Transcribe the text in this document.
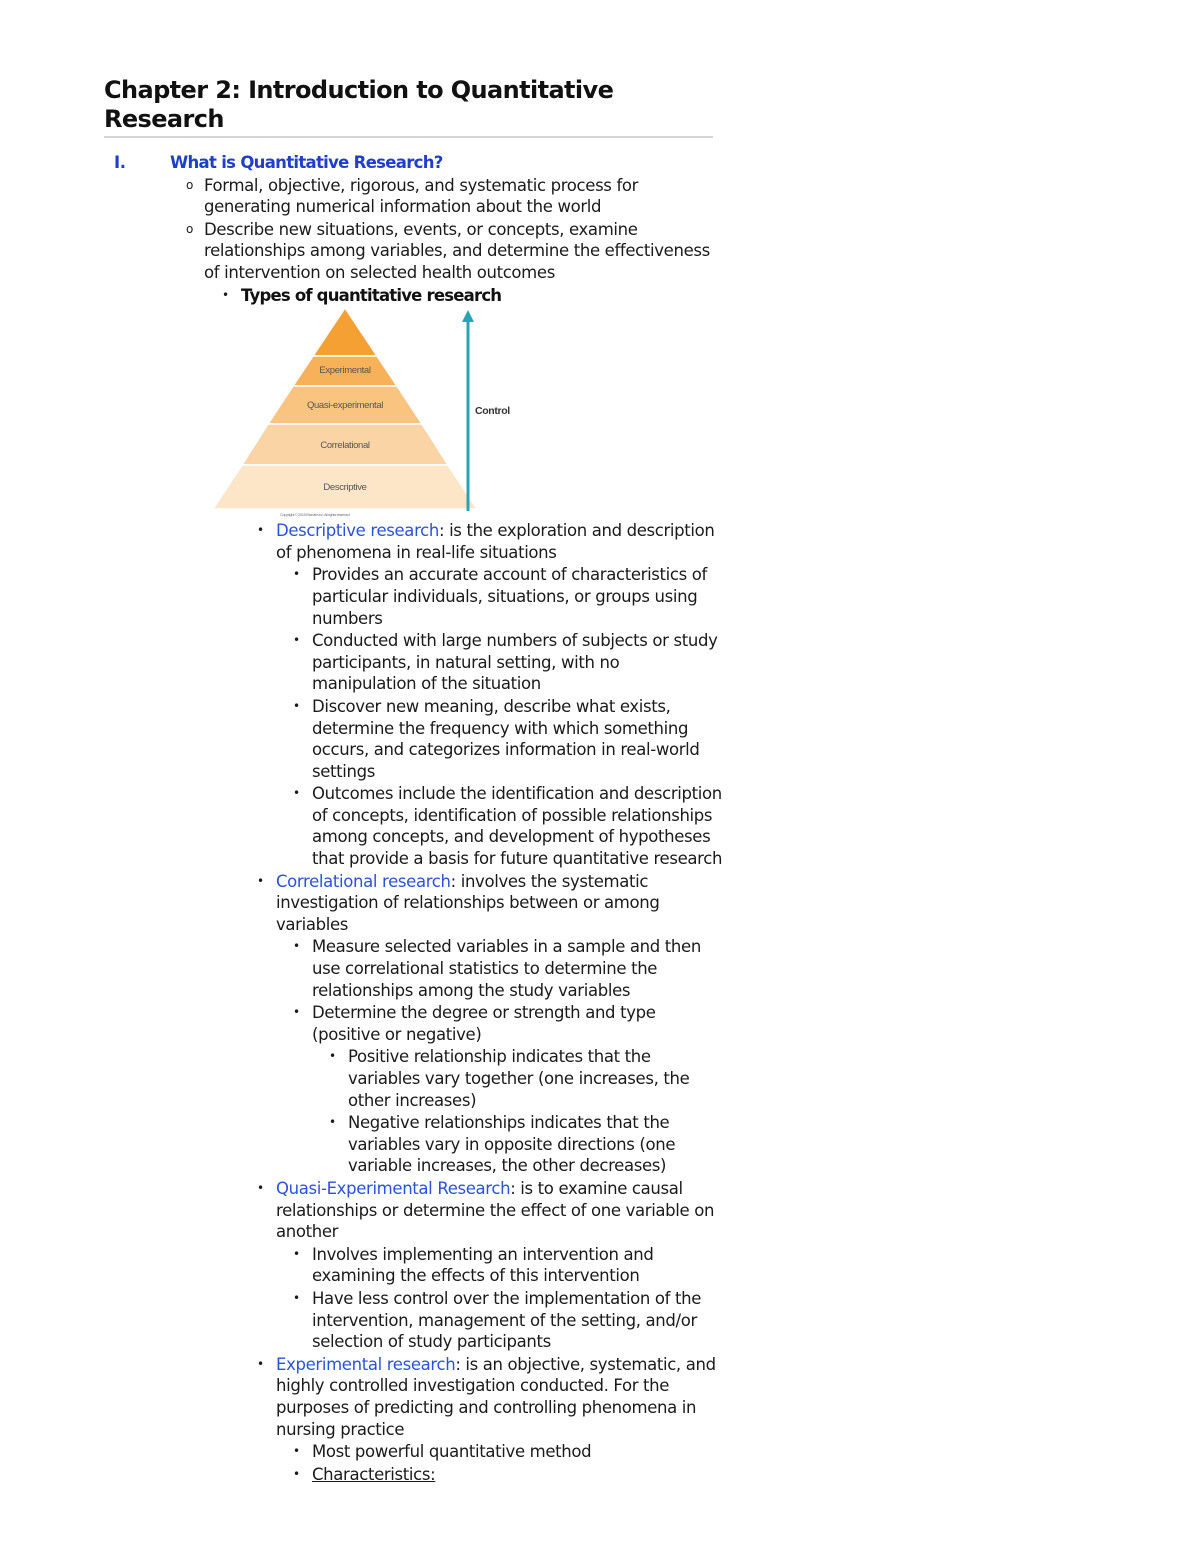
Chapter 2: Introduction to Quantitative Research
I.	What is Quantitative Research?
o Formal, objective, rigorous, and systematic process for generating numerical information about the world
o Describe new situations, events, or concepts, examine relationships among variables, and determine the effectiveness of intervention on selected health outcomes
• Types of quantitative research
Experimental
Quasi-experimental
Correlational
Descriptive
Copyright © 2015 Elsevier Inc. All rights reserved.
Control
• Descriptive research: is the exploration and description of phenomena in real-life situations
• Provides an accurate account of characteristics of particular individuals, situations, or groups using numbers
• Conducted with large numbers of subjects or study participants, in natural setting, with no manipulation of the situation
• Discover new meaning, describe what exists, determine the frequency with which something occurs, and categorizes information in real-world settings
• Outcomes include the identification and description of concepts, identification of possible relationships among concepts, and development of hypotheses that provide a basis for future quantitative research
• Correlational research: involves the systematic investigation of relationships between or among variables
• Measure selected variables in a sample and then use correlational statistics to determine the relationships among the study variables
• Determine the degree or strength and type (positive or negative)
• Positive relationship indicates that the variables vary together (one increases, the other increases)
• Negative relationships indicates that the variables vary in opposite directions (one variable increases, the other decreases)
• Quasi-Experimental Research: is to examine causal relationships or determine the effect of one variable on another
• Involves implementing an intervention and examining the effects of this intervention
• Have less control over the implementation of the intervention, management of the setting, and/or selection of study participants
• Experimental research: is an objective, systematic, and highly controlled investigation conducted. For the purposes of predicting and controlling phenomena in nursing practice
• Most powerful quantitative method
• Characteristics:
